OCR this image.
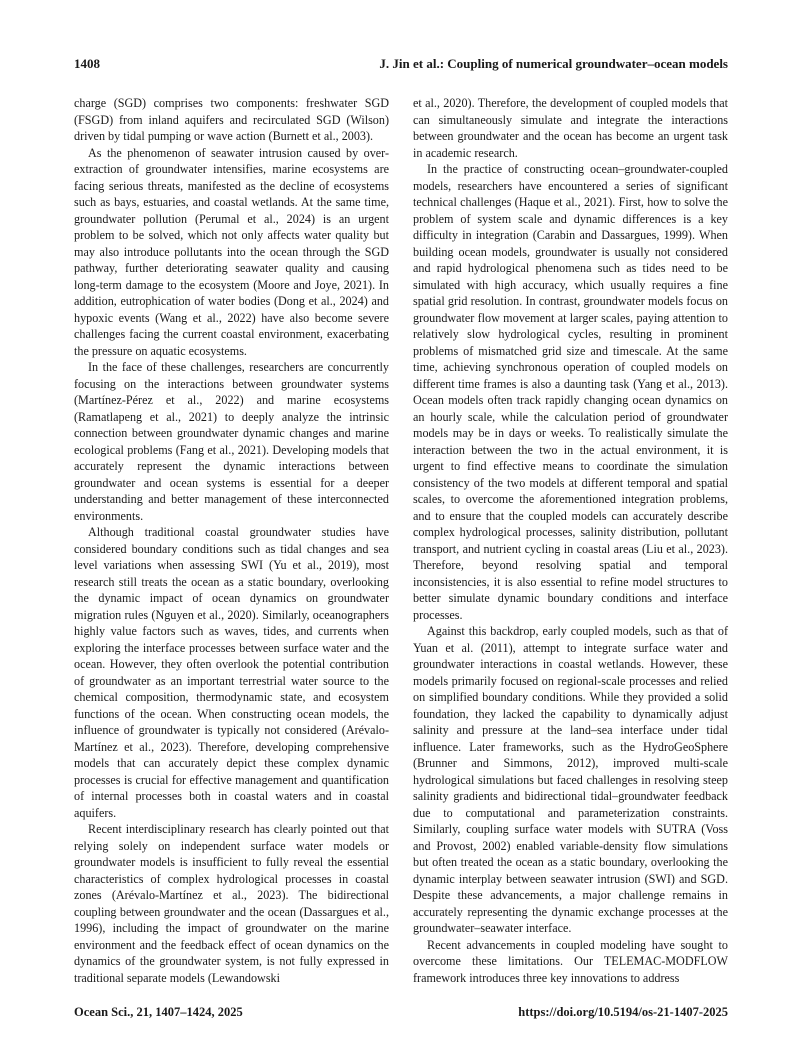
1408	J. Jin et al.: Coupling of numerical groundwater–ocean models

charge (SGD) comprises two components: freshwater SGD (FSGD) from inland aquifers and recirculated SGD (Wilson) driven by tidal pumping or wave action (Burnett et al., 2003).

As the phenomenon of seawater intrusion caused by over-extraction of groundwater intensifies, marine ecosystems are facing serious threats, manifested as the decline of ecosystems such as bays, estuaries, and coastal wetlands. At the same time, groundwater pollution (Perumal et al., 2024) is an urgent problem to be solved, which not only affects water quality but may also introduce pollutants into the ocean through the SGD pathway, further deteriorating seawater quality and causing long-term damage to the ecosystem (Moore and Joye, 2021). In addition, eutrophication of water bodies (Dong et al., 2024) and hypoxic events (Wang et al., 2022) have also become severe challenges facing the current coastal environment, exacerbating the pressure on aquatic ecosystems.

In the face of these challenges, researchers are concurrently focusing on the interactions between groundwater systems (Martínez-Pérez et al., 2022) and marine ecosystems (Ramatlapeng et al., 2021) to deeply analyze the intrinsic connection between groundwater dynamic changes and marine ecological problems (Fang et al., 2021). Developing models that accurately represent the dynamic interactions between groundwater and ocean systems is essential for a deeper understanding and better management of these interconnected environments.

Although traditional coastal groundwater studies have considered boundary conditions such as tidal changes and sea level variations when assessing SWI (Yu et al., 2019), most research still treats the ocean as a static boundary, overlooking the dynamic impact of ocean dynamics on groundwater migration rules (Nguyen et al., 2020). Similarly, oceanographers highly value factors such as waves, tides, and currents when exploring the interface processes between surface water and the ocean. However, they often overlook the potential contribution of groundwater as an important terrestrial water source to the chemical composition, thermodynamic state, and ecosystem functions of the ocean. When constructing ocean models, the influence of groundwater is typically not considered (Arévalo-Martínez et al., 2023). Therefore, developing comprehensive models that can accurately depict these complex dynamic processes is crucial for effective management and quantification of internal processes both in coastal waters and in coastal aquifers.

Recent interdisciplinary research has clearly pointed out that relying solely on independent surface water models or groundwater models is insufficient to fully reveal the essential characteristics of complex hydrological processes in coastal zones (Arévalo-Martínez et al., 2023). The bidirectional coupling between groundwater and the ocean (Dassargues et al., 1996), including the impact of groundwater on the marine environment and the feedback effect of ocean dynamics on the dynamics of the groundwater system, is not fully expressed in traditional separate models (Lewandowski

et al., 2020). Therefore, the development of coupled models that can simultaneously simulate and integrate the interactions between groundwater and the ocean has become an urgent task in academic research.

In the practice of constructing ocean–groundwater-coupled models, researchers have encountered a series of significant technical challenges (Haque et al., 2021). First, how to solve the problem of system scale and dynamic differences is a key difficulty in integration (Carabin and Dassargues, 1999). When building ocean models, groundwater is usually not considered and rapid hydrological phenomena such as tides need to be simulated with high accuracy, which usually requires a fine spatial grid resolution. In contrast, groundwater models focus on groundwater flow movement at larger scales, paying attention to relatively slow hydrological cycles, resulting in prominent problems of mismatched grid size and timescale. At the same time, achieving synchronous operation of coupled models on different time frames is also a daunting task (Yang et al., 2013). Ocean models often track rapidly changing ocean dynamics on an hourly scale, while the calculation period of groundwater models may be in days or weeks. To realistically simulate the interaction between the two in the actual environment, it is urgent to find effective means to coordinate the simulation consistency of the two models at different temporal and spatial scales, to overcome the aforementioned integration problems, and to ensure that the coupled models can accurately describe complex hydrological processes, salinity distribution, pollutant transport, and nutrient cycling in coastal areas (Liu et al., 2023). Therefore, beyond resolving spatial and temporal inconsistencies, it is also essential to refine model structures to better simulate dynamic boundary conditions and interface processes.

Against this backdrop, early coupled models, such as that of Yuan et al. (2011), attempt to integrate surface water and groundwater interactions in coastal wetlands. However, these models primarily focused on regional-scale processes and relied on simplified boundary conditions. While they provided a solid foundation, they lacked the capability to dynamically adjust salinity and pressure at the land–sea interface under tidal influence. Later frameworks, such as the HydroGeoSphere (Brunner and Simmons, 2012), improved multi-scale hydrological simulations but faced challenges in resolving steep salinity gradients and bidirectional tidal–groundwater feedback due to computational and parameterization constraints. Similarly, coupling surface water models with SUTRA (Voss and Provost, 2002) enabled variable-density flow simulations but often treated the ocean as a static boundary, overlooking the dynamic interplay between seawater intrusion (SWI) and SGD. Despite these advancements, a major challenge remains in accurately representing the dynamic exchange processes at the groundwater–seawater interface.

Recent advancements in coupled modeling have sought to overcome these limitations. Our TELEMAC-MODFLOW framework introduces three key innovations to address

Ocean Sci., 21, 1407–1424, 2025	https://doi.org/10.5194/os-21-1407-2025
